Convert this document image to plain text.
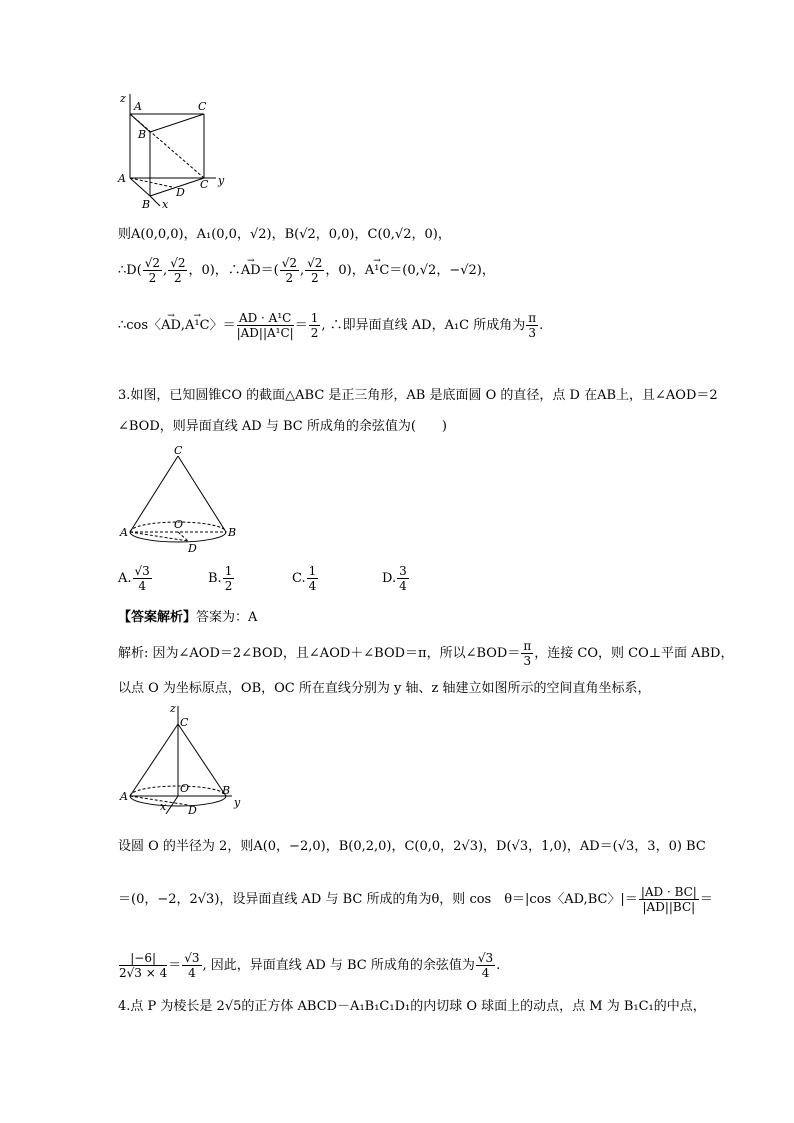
z
A	C
B
A	C y
D
B x
则A(0,0,0)，A₁(0,0，√2)，B(√2，0,0)，C(0,√2，0)，
∴D( $\frac{√2}{2}$ , $\frac{√2}{2}$ ，0)，∴→ $AD=( \frac{√2}{2}$ , $\frac{√2}{2}$ ，0)，→ A¹C＝(0,√2，−√2)，
∴cos〈→ AD,→ A¹C〉＝ $\frac{\text{AD · A¹C}}{\text{|AD||A¹C|}} = \frac{1}{2}$ , ∴即异面直线 AD，A₁C 所成角为 $\frac{\pi}{3}$ .
3.如图，已知圆锥CO 的截面△ABC 是正三角形，AB 是底面圆 O 的直径，点 D 在AB上，且∠AOD＝2
∠BOD，则异面直线 AD 与 BC 所成角的余弦值为(　　)
C
A
O
B
D
A. $\frac{√3}{4}$	B. $\frac{1}{2}$	C. $\frac{1}{4}$	D. $\frac{3}{4}$
【答案解析】答案为：A
解析: 因为∠AOD＝2∠BOD，且∠AOD＋∠BOD＝π，所以∠BOD＝ $\frac{\pi}{3}$ ，连接 CO，则 CO⊥平面 ABD，
以点 O 为坐标原点，OB，OC 所在直线分别为 y 轴、z 轴建立如图所示的空间直角坐标系，
z
C
A
O	B
y
x D
设圆 O 的半径为 2，则A(0，−2,0)，B(0,2,0)，C(0,0，2√3)，D(√3，1,0)，AD＝(√3，3，0) BC
＝(0，−2，2√3)，设异面直线 AD 与 BC 所成的角为θ，则 cos　θ＝|cos〈AD,BC〉|＝ $\frac{|AD \cdot BC|}{|AD||BC|}$ ＝
$\frac{|-6|}{2√3 \times 4} = \frac{√3}{4}$ , 因此，异面直线 AD 与 BC 所成角的余弦值为 $\frac{√3}{4}$ .
4.点 P 为棱长是 2√5的正方体 ABCD－A₁B₁C₁D₁的内切球 O 球面上的动点，点 M 为 B₁C₁的中点，
